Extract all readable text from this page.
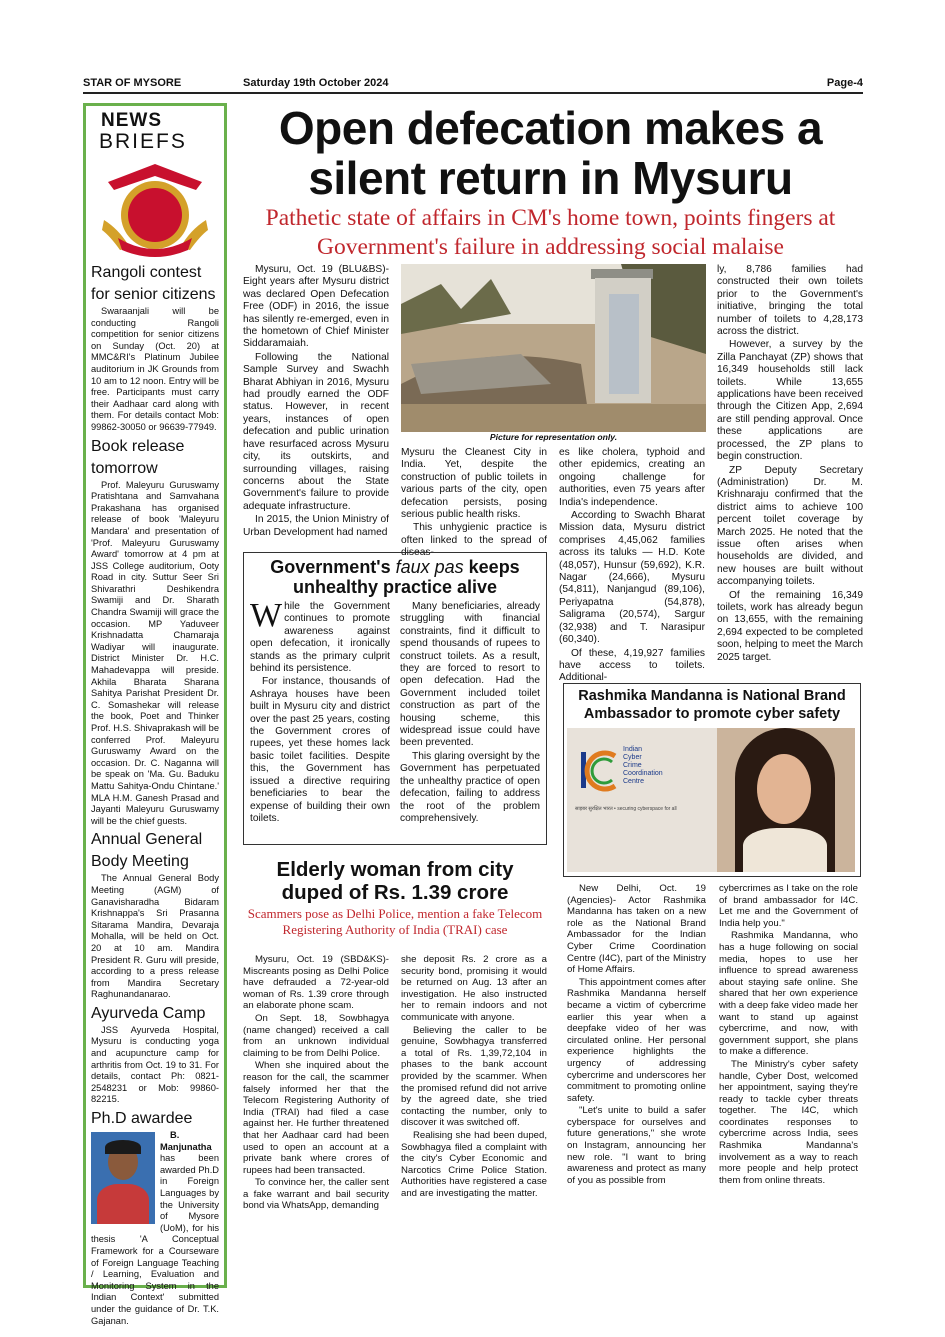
STAR OF MYSORE	Saturday 19th October 2024	Page-4
NEWS
BRIEFS
Rangoli contest for senior citizens

Swaraanjali will be conducting Rangoli competition for senior citizens on Sunday (Oct. 20) at MMC&RI's Platinum Jubilee auditorium in JK Grounds from 10 am to 12 noon. Entry will be free. Participants must carry their Aadhaar card along with them. For details contact Mob: 99862-30050 or 96639-77949.

Book release tomorrow

Prof. Maleyuru Guruswamy Pratishtana and Samvahana Prakashana has organised release of book 'Maleyuru Mandara' and presentation of 'Prof. Maleyuru Guruswamy Award' tomorrow at 4 pm at JSS College auditorium, Ooty Road in city. Suttur Seer Sri Shivarathri Deshikendra Swamiji and Dr. Sharath Chandra Swamiji will grace the occasion. MP Yaduveer Krishnadatta Chamaraja Wadiyar will inaugurate. District Minister Dr. H.C. Mahadevappa will preside. Akhila Bharata Sharana Sahitya Parishat President Dr. C. Somashekar will release the book, Poet and Thinker Prof. H.S. Shivaprakash will be conferred Prof. Maleyuru Guruswamy Award on the occasion. Dr. C. Naganna will be speak on 'Ma. Gu. Baduku Mattu Sahitya-Ondu Chintane.' MLA H.M. Ganesh Prasad and Jayanti Maleyuru Guruswamy will be the chief guests.

Annual General Body Meeting

The Annual General Body Meeting (AGM) of Ganavisharadha Bidaram Krishnappa's Sri Prasanna Sitarama Mandira, Devaraja Mohalla, will be held on Oct. 20 at 10 am. Mandira President R. Guru will preside, according to a press release from Mandira Secretary Raghunandanarao.

Ayurveda Camp

JSS Ayurveda Hospital, Mysuru is conducting yoga and acupuncture camp for arthritis from Oct. 19 to 31. For details, contact Ph: 0821-2548231 or Mob: 99860-82215.

Ph.D awardee

B. Manjunatha has been awarded Ph.D in Foreign Languages by the University of Mysore (UoM), for his thesis 'A Conceptual Framework for a Courseware of Foreign Language Teaching / Learning, Evaluation and Monitoring System in the Indian Context' submitted under the guidance of Dr. T.K. Gajanan.

Open defecation makes a silent return in Mysuru
Pathetic state of affairs in CM's home town, points fingers at Government's failure in addressing social malaise

Mysuru, Oct. 19 (BLU&BS)- Eight years after Mysuru district was declared Open Defecation Free (ODF) in 2016, the issue has silently re-emerged, even in the hometown of Chief Minister Siddaramaiah.

Following the National Sample Survey and Swachh Bharat Abhiyan in 2016, Mysuru had proudly earned the ODF status. However, in recent years, instances of open defecation and public urination have resurfaced across Mysuru city, its outskirts, and surrounding villages, raising concerns about the State Government's failure to provide adequate infrastructure.

In 2015, the Union Ministry of Urban Development had named

Picture for representation only.

Mysuru the Cleanest City in India. Yet, despite the construction of public toilets in various parts of the city, open defecation persists, posing serious public health risks.

This unhygienic practice is often linked to the spread of diseas-

es like cholera, typhoid and other epidemics, creating an ongoing challenge for authorities, even 75 years after India's independence.

According to Swachh Bharat Mission data, Mysuru district comprises 4,45,062 families across its taluks — H.D. Kote (48,057), Hunsur (59,692), K.R. Nagar (24,666), Mysuru (54,811), Nanjangud (89,106), Periyapatna (54,878), Saligrama (20,574), Sargur (32,938) and T. Narasipur (60,340).

Of these, 4,19,927 families have access to toilets. Additional-

ly, 8,786 families had constructed their own toilets prior to the Government's initiative, bringing the total number of toilets to 4,28,173 across the district.

However, a survey by the Zilla Panchayat (ZP) shows that 16,349 households still lack toilets. While 13,655 applications have been received through the Citizen App, 2,694 are still pending approval. Once these applications are processed, the ZP plans to begin construction.

ZP Deputy Secretary (Administration) Dr. M. Krishnaraju confirmed that the district aims to achieve 100 percent toilet coverage by March 2025. He noted that the issue often arises when households are divided, and new houses are built without accompanying toilets.

Of the remaining 16,349 toilets, work has already begun on 13,655, with the remaining 2,694 expected to be completed soon, helping to meet the March 2025 target.

Government's faux pas keeps unhealthy practice alive

While the Government continues to promote awareness against open defecation, it ironically stands as the primary culprit behind its persistence.

For instance, thousands of Ashraya houses have been built in Mysuru city and district over the past 25 years, costing the Government crores of rupees, yet these homes lack basic toilet facilities. Despite this, the Government has issued a directive requiring beneficiaries to bear the expense of building their own toilets.

Many beneficiaries, already struggling with financial constraints, find it difficult to spend thousands of rupees to construct toilets. As a result, they are forced to resort to open defecation. Had the Government included toilet construction as part of the housing scheme, this widespread issue could have been prevented.

This glaring oversight by the Government has perpetuated the unhealthy practice of open defecation, failing to address the root of the problem comprehensively.

Elderly woman from city duped of Rs. 1.39 crore
Scammers pose as Delhi Police, mention a fake Telecom Registering Authority of India (TRAI) case

Mysuru, Oct. 19 (SBD&KS)- Miscreants posing as Delhi Police have defrauded a 72-year-old woman of Rs. 1.39 crore through an elaborate phone scam.

On Sept. 18, Sowbhagya (name changed) received a call from an unknown individual claiming to be from Delhi Police.

When she inquired about the reason for the call, the scammer falsely informed her that the Telecom Registering Authority of India (TRAI) had filed a case against her. He further threatened that her Aadhaar card had been used to open an account at a private bank where crores of rupees had been transacted.

To convince her, the caller sent a fake warrant and bail security bond via WhatsApp, demanding

she deposit Rs. 2 crore as a security bond, promising it would be returned on Aug. 13 after an investigation. He also instructed her to remain indoors and not communicate with anyone.

Believing the caller to be genuine, Sowbhagya transferred a total of Rs. 1,39,72,104 in phases to the bank account provided by the scammer. When the promised refund did not arrive by the agreed date, she tried contacting the number, only to discover it was switched off.

Realising she had been duped, Sowbhagya filed a complaint with the city's Cyber Economic and Narcotics Crime Police Station. Authorities have registered a case and are investigating the matter.

Rashmika Mandanna is National Brand Ambassador to promote cyber safety
Indian
Cyber
Crime
Coordination
Centre
साइबर सुरक्षित भारत • securing cyberspace for all

New Delhi, Oct. 19 (Agencies)- Actor Rashmika Mandanna has taken on a new role as the National Brand Ambassador for the Indian Cyber Crime Coordination Centre (I4C), part of the Ministry of Home Affairs.

This appointment comes after Rashmika Mandanna herself became a victim of cybercrime earlier this year when a deepfake video of her was circulated online. Her personal experience highlights the urgency of addressing cybercrime and underscores her commitment to promoting online safety.

"Let's unite to build a safer cyberspace for ourselves and future generations," she wrote on Instagram, announcing her new role. "I want to bring awareness and protect as many of you as possible from

cybercrimes as I take on the role of brand ambassador for I4C. Let me and the Government of India help you."

Rashmika Mandanna, who has a huge following on social media, hopes to use her influence to spread awareness about staying safe online. She shared that her own experience with a deep fake video made her want to stand up against cybercrime, and now, with government support, she plans to make a difference.

The Ministry's cyber safety handle, Cyber Dost, welcomed her appointment, saying they're ready to tackle cyber threats together. The I4C, which coordinates responses to cybercrime across India, sees Rashmika Mandanna's involvement as a way to reach more people and help protect them from online threats.
